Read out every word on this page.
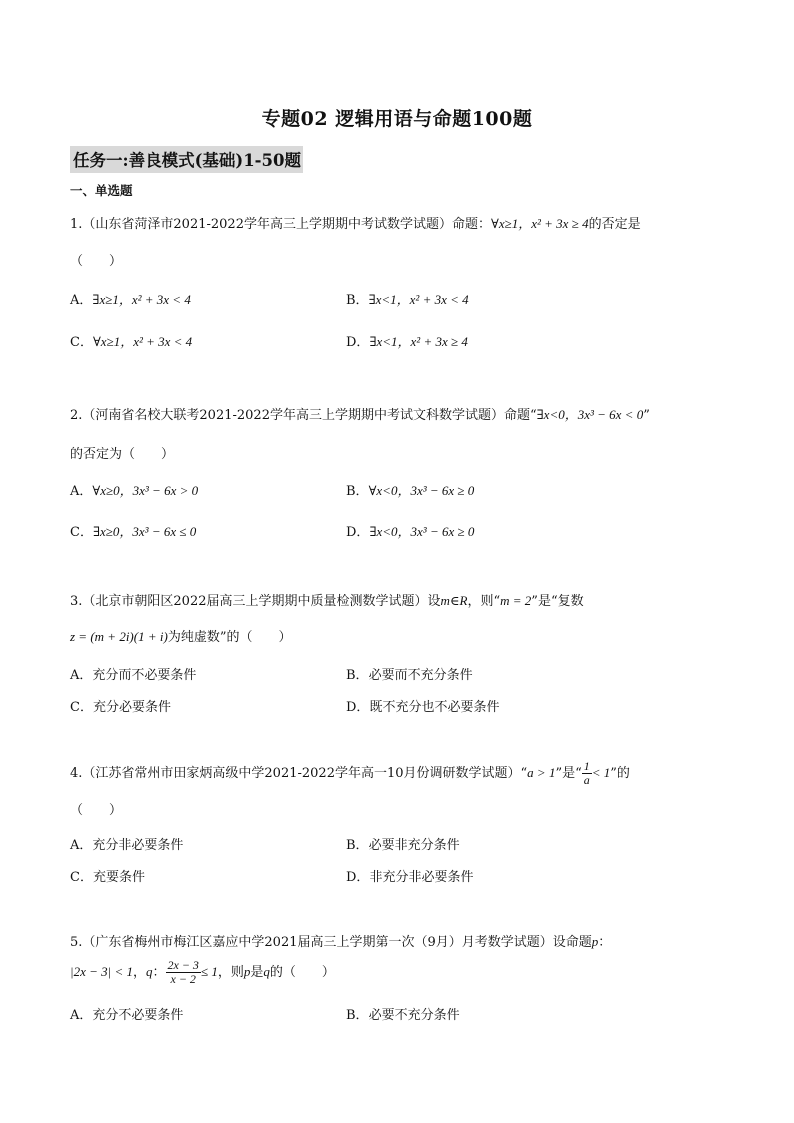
专题02 逻辑用语与命题100题
任务一:善良模式(基础)1-50题
一、单选题
1.（山东省菏泽市2021-2022学年高三上学期期中考试数学试题）命题：∀x≥1，x² + 3x ≥ 4的否定是
（　　）
A．∃x≥1，x² + 3x < 4	B．∃x<1，x² + 3x < 4
C．∀x≥1，x² + 3x < 4	D．∃x<1，x² + 3x ≥ 4
2.（河南省名校大联考2021-2022学年高三上学期期中考试文科数学试题）命题“∃x<0，3x³ − 6x < 0”
的否定为（　　）
A．∀x≥0，3x³ − 6x > 0	B．∀x<0，3x³ − 6x ≥ 0
C．∃x≥0，3x³ − 6x ≤ 0	D．∃x<0，3x³ − 6x ≥ 0
3.（北京市朝阳区2022届高三上学期期中质量检测数学试题）设m∈R，则“m = 2”是“复数
z = (m + 2i)(1 + i)为纯虚数”的（　　）
A．充分而不必要条件	B．必要而不充分条件
C．充分必要条件	D．既不充分也不必要条件
4.（江苏省常州市田家炳高级中学2021-2022学年高一10月份调研数学试题）“a > 1”是“ $\frac{1}{a} < 1$”的
（　　）
A．充分非必要条件	B．必要非充分条件
C．充要条件	D．非充分非必要条件
5.（广东省梅州市梅江区嘉应中学2021届高三上学期第一次（9月）月考数学试题）设命题p：
|2x − 3| < 1，q： $\frac{2x - 3}{x - 2} \le 1$，则p是q的（　　）
A．充分不必要条件	B．必要不充分条件
